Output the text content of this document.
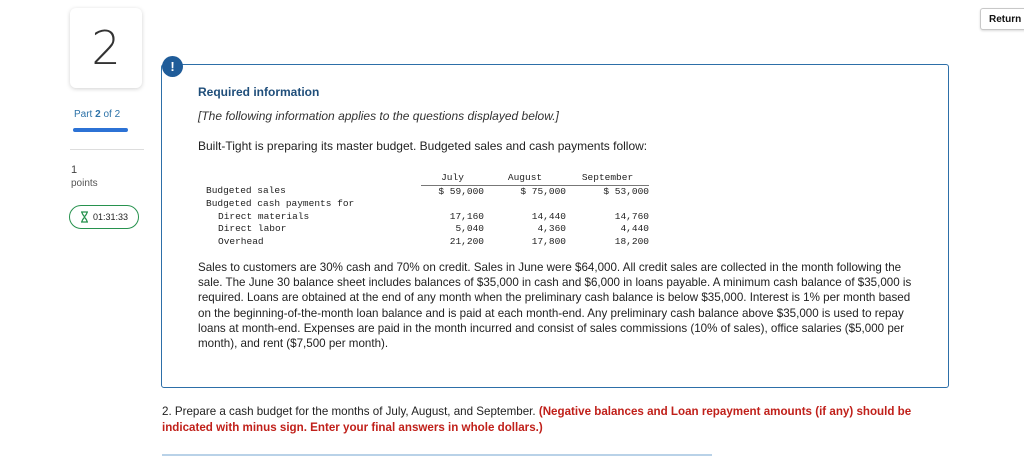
2
Part 2 of 2
1
points
01:31:33
Return
!
Required information
[The following information applies to the questions displayed below.]
Built-Tight is preparing its master budget. Budgeted sales and cash payments follow:
	July	August	September
Budgeted sales	$ 59,000	$ 75,000	$ 53,000
Budgeted cash payments for			
Direct materials	17,160	14,440	14,760
Direct labor	5,040	4,360	4,440
Overhead	21,200	17,800	18,200
Sales to customers are 30% cash and 70% on credit. Sales in June were $64,000. All credit sales are collected in the month following the sale. The June 30 balance sheet includes balances of $35,000 in cash and $6,000 in loans payable. A minimum cash balance of $35,000 is required. Loans are obtained at the end of any month when the preliminary cash balance is below $35,000. Interest is 1% per month based on the beginning-of-the-month loan balance and is paid at each month-end. Any preliminary cash balance above $35,000 is used to repay loans at month-end. Expenses are paid in the month incurred and consist of sales commissions (10% of sales), office salaries ($5,000 per month), and rent ($7,500 per month).
2. Prepare a cash budget for the months of July, August, and September. (Negative balances and Loan repayment amounts (if any) should be indicated with minus sign. Enter your final answers in whole dollars.)
